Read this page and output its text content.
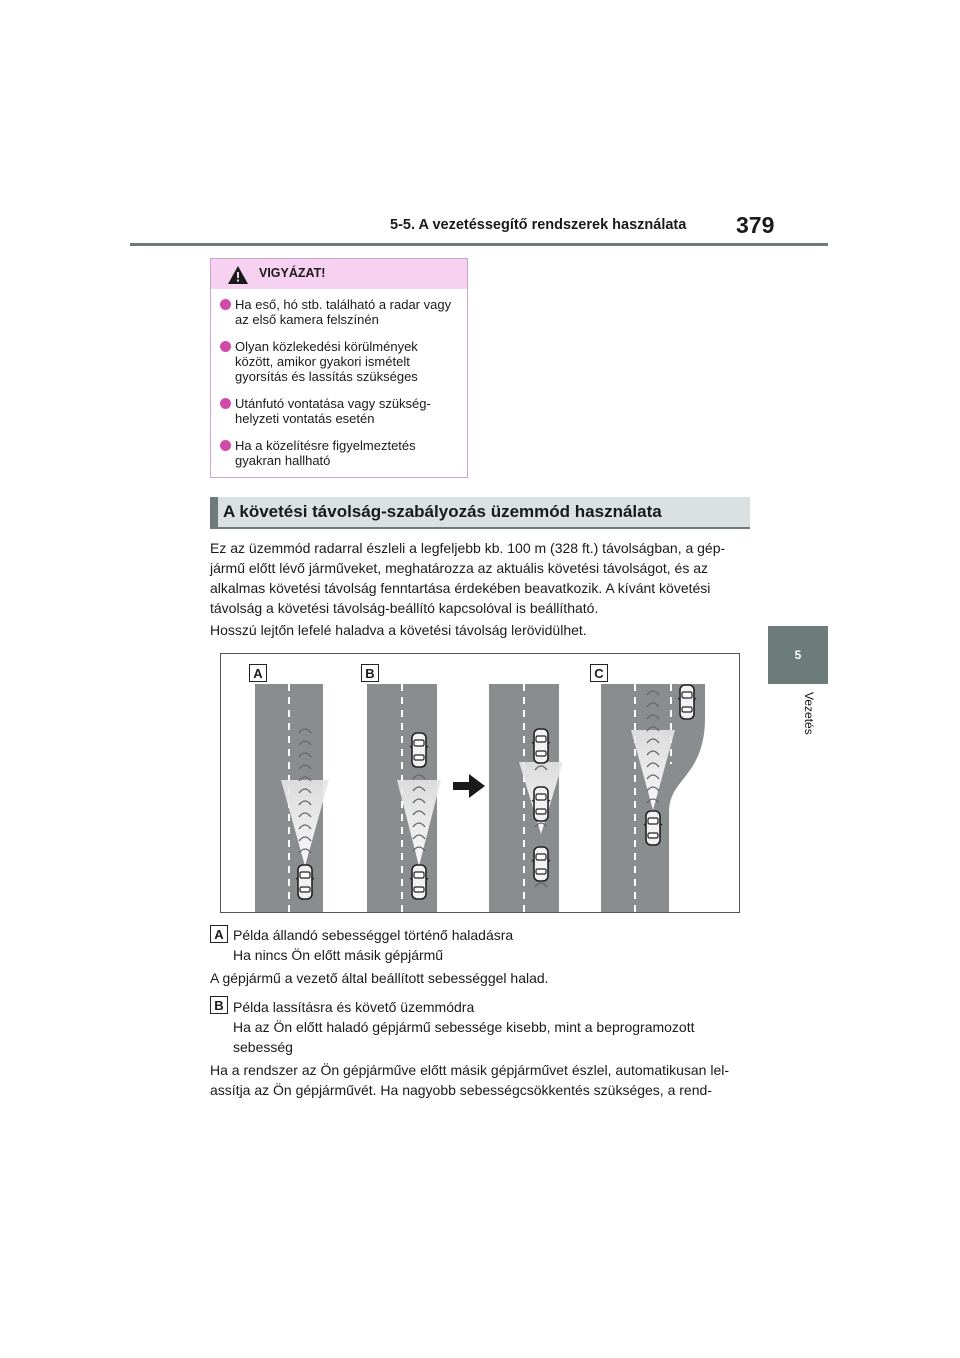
5-5. A vezetéssegítő rendszerek használata 379
5
Vezetés
VIGYÁZAT!
Ha eső, hó stb. található a radar vagy az első kamera felszínén
Olyan közlekedési körülmények között, amikor gyakori ismételt gyorsítás és lassítás szükséges
Utánfutó vontatása vagy szükség-helyzeti vontatás esetén
Ha a közelítésre figyelmeztetés gyakran hallható
A követési távolság-szabályozás üzemmód használata
Ez az üzemmód radarral észleli a legfeljebb kb. 100 m (328 ft.) távolságban, a gép-jármű előtt lévő járműveket, meghatározza az aktuális követési távolságot, és az alkalmas követési távolság fenntartása érdekében beavatkozik. A kívánt követési távolság a követési távolság-beállító kapcsolóval is beállítható.
Hosszú lejtőn lefelé haladva a követési távolság lerövidülhet.
A	B	C
A Példa állandó sebességgel történő haladásra
Ha nincs Ön előtt másik gépjármű
A gépjármű a vezető által beállított sebességgel halad.
B Példa lassításra és követő üzemmódra
Ha az Ön előtt haladó gépjármű sebessége kisebb, mint a beprogramozott sebesség
Ha a rendszer az Ön gépjárműve előtt másik gépjárművet észlel, automatikusan lel-assítja az Ön gépjárművét. Ha nagyobb sebességcsökkentés szükséges, a rend-
